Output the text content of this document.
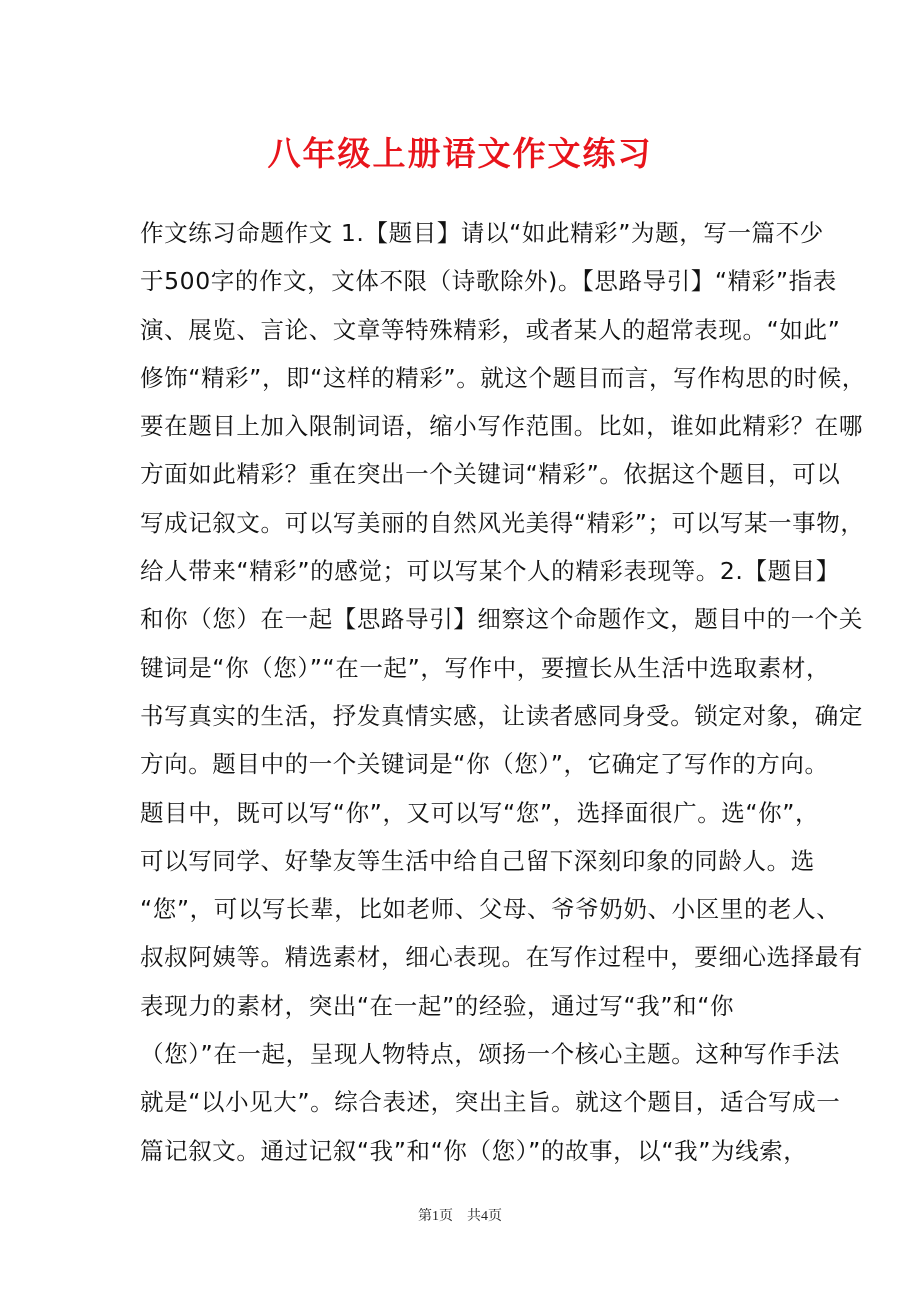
八年级上册语文作文练习
作文练习命题作文 1.【题目】请以“如此精彩”为题，写一篇不少
于500字的作文，文体不限（诗歌除外)。【思路导引】“精彩”指表
演、展览、言论、文章等特殊精彩，或者某人的超常表现。“如此”
修饰“精彩”，即“这样的精彩”。就这个题目而言，写作构思的时候，
要在题目上加入限制词语，缩小写作范围。比如，谁如此精彩？在哪
方面如此精彩？重在突出一个关键词“精彩”。依据这个题目，可以
写成记叙文。可以写美丽的自然风光美得“精彩”；可以写某一事物，
给人带来“精彩”的感觉；可以写某个人的精彩表现等。2.【题目】
和你（您）在一起【思路导引】细察这个命题作文，题目中的一个关
键词是“你（您）”“在一起”，写作中，要擅长从生活中选取素材，
书写真实的生活，抒发真情实感，让读者感同身受。锁定对象，确定
方向。题目中的一个关键词是“你（您）”，它确定了写作的方向。
题目中，既可以写“你”，又可以写“您”，选择面很广。选“你”，
可以写同学、好挚友等生活中给自己留下深刻印象的同龄人。选
“您”，可以写长辈，比如老师、父母、爷爷奶奶、小区里的老人、
叔叔阿姨等。精选素材，细心表现。在写作过程中，要细心选择最有
表现力的素材，突出“在一起”的经验，通过写“我”和“你
（您）”在一起，呈现人物特点，颂扬一个核心主题。这种写作手法
就是“以小见大”。综合表述，突出主旨。就这个题目，适合写成一
篇记叙文。通过记叙“我”和“你（您）”的故事，以“我”为线索，
第1页　共4页
